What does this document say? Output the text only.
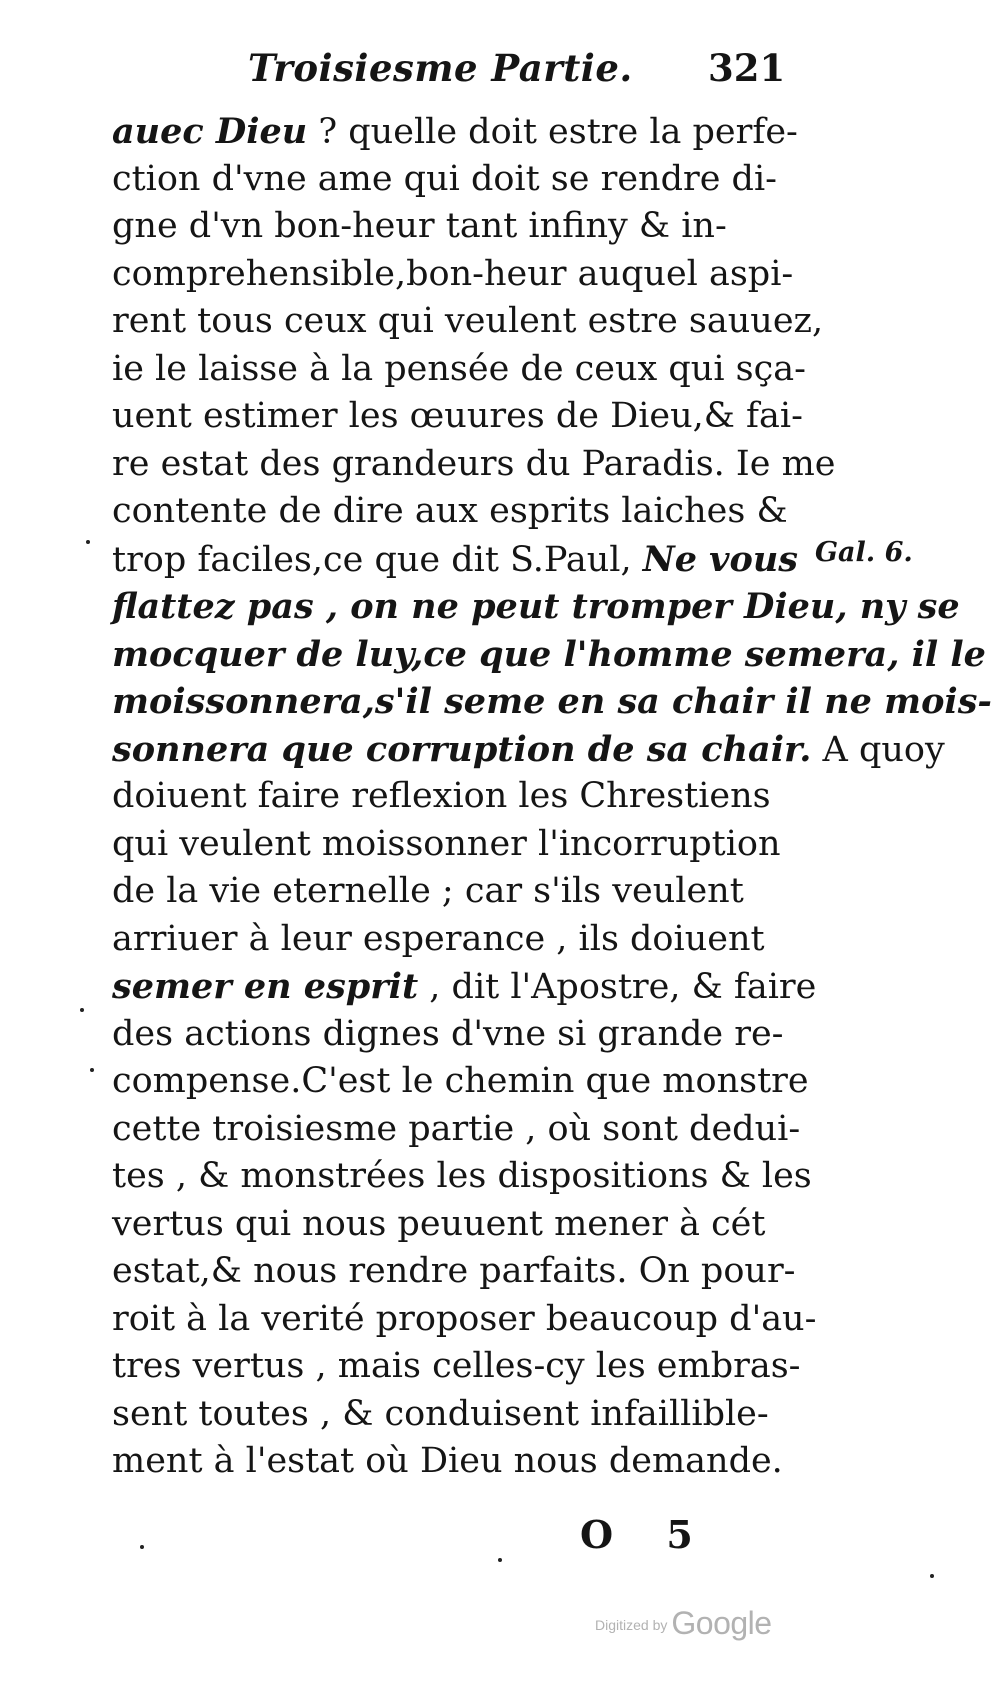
Troisiesme Partie. 321
auec Dieu ? quelle doit estre la perfe-
ction d'vne ame qui doit se rendre di-
gne d'vn bon-heur tant infiny & in-
comprehensible,bon-heur auquel aspi-
rent tous ceux qui veulent estre sauuez,
ie le laisse à la pensée de ceux qui sça-
uent estimer les œuures de Dieu,& fai-
re estat des grandeurs du Paradis. Ie me
contente de dire aux esprits laiches &
trop faciles,ce que dit S.Paul, Ne vous
flattez pas , on ne peut tromper Dieu, ny se
mocquer de luy,ce que l'homme semera, il le
moissonnera,s'il seme en sa chair il ne mois-
sonnera que corruption de sa chair. A quoy
doiuent faire reflexion les Chrestiens
qui veulent moissonner l'incorruption
de la vie eternelle ; car s'ils veulent
arriuer à leur esperance , ils doiuent
semer en esprit , dit l'Apostre, & faire
des actions dignes d'vne si grande re-
compense.C'est le chemin que monstre
cette troisiesme partie , où sont dedui-
tes , & monstrées les dispositions & les
vertus qui nous peuuent mener à cét
estat,& nous rendre parfaits. On pour-
roit à la verité proposer beaucoup d'au-
tres vertus , mais celles-cy les embras-
sent toutes , & conduisent infaillible-
ment à l'estat où Dieu nous demande.
Gal. 6.
O 5
Digitized by Google
